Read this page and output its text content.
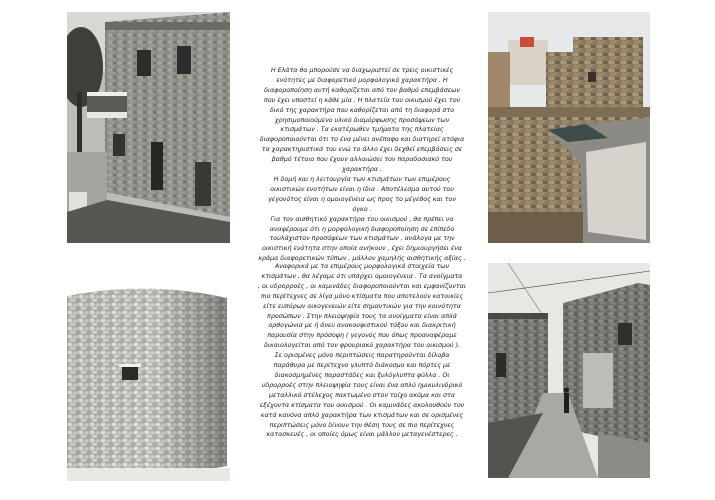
Η Ελάτα θα μπορούσε να διαχωριστεί σε τρεις οικιστικές
ενότητες με διαφορετικό μορφολογικό χαρακτήρα . Η
διαφοροποίηση αυτή καθορίζεται από τον βαθμό επεμβάσεων
που έχει υποστεί η κάθε μία . Η πλατεία του οικισμού έχει τον
δικό της χαρακτήρα που καθορίζεται από τη διαφορά στο
χρησιμοποιούμενο υλικό διαμόρφωσης προσόψεων των
κτισμάτων . Τα εκατέρωθεν τμήματα της πλατείας
διαφοροποιούνται ότι το ένα μένει ανέπαφο και διατηρεί ατόφια
τα χαρακτηριστικά του ενώ το άλλο έχει δεχθεί επεμβάσεις σε
βαθμό τέτοιο που έχουν αλλοιώσει τον παραδοσιακό του
χαρακτήρα .

Η δομή και η λειτουργία των κτισμάτων των επιμέρους
οικιστικών ενοτήτων είναι η ίδια . Αποτέλεσμα αυτού του
γεγονότος είναι η ομοιογένεια ως προς το μέγεθος και τον
όγκο .

Για τον αισθητικό χαρακτήρα του οικισμού , θα πρέπει να
αναφέρουμε ότι η μορφολογική διαφοροποίηση σε επίπεδο
τουλάχιστον προσόψεων των κτισμάτων , ανάλογα με την
οικιστική ενότητα στην οποία ανήκουν , έχει δημιουργήσει ένα
κράμα διαφορετικών τύπων , μάλλον χαμηλής αισθητικής αξίας .

Αναφορικά με τα επιμέρους μορφολογικά στοιχεία των
κτισμάτων , θα λέγαμε ότι υπάρχει ομοιογένεια . Τα ανοίγματα
, οι υδρορροές , οι καμινάδες διαφοροποιούνται και εμφανίζονται
πιο περίτεχνες σε λίγα μόνο κτίσματα που αποτελούν κατοικίες
είτε ευπόρων οικογενειών είτε σημαντικών για την κοινότητα
προσώπων . Στην πλειοψηφία τους τα ανοίγματα είναι απλά
ορθογώνια με ή άνευ ανακουφιστικού τόξου και διακριτική
παρουσία στην πρόσοψη ( γεγονός που όπως προαναφέραμε
δικαιολογείται από τον φρουριακό χαρακτήρα του οικισμού ).

Σε ορισμένες μόνο περιπτώσεις παρατηρούνται δίλοβα
παράθυρα με περίτεχνο γλυπτό διάκοσμο και πόρτες με
διακοσμημένες παραστάδες και ξυλόγλυπτα φύλλα . Οι
υδρορροές στην πλειοψηφία τους είναι ένα απλό ημικυλινδρικό
μεταλλικό στέλεχος πακτωμένο στον τοίχο ακόμα και στα
εξέχοντα κτίσματα του οικισμού . Οι καμινάδες ακολουθούν τον
κατά κανόνα απλό χαρακτήρα των κτισμάτων και σε ορισμένες
περιπτώσεις μόνο δίνουν την θέση τους σε πιο περίτεχνες
κατασκευές , οι οποίες όμως είναι μάλλον μεταγενέστερες .
